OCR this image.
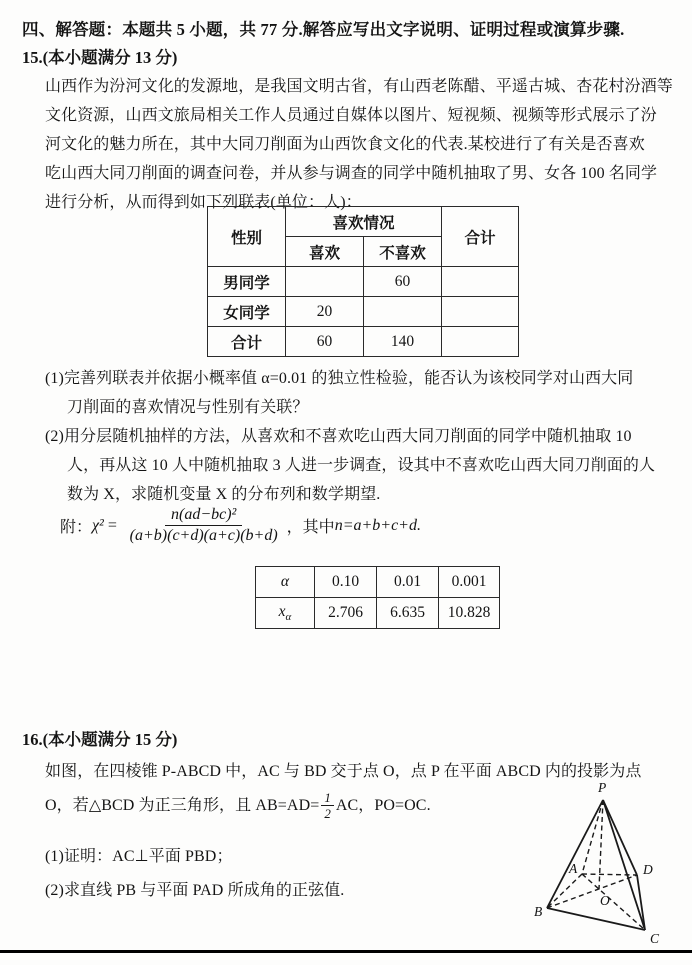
四、解答题：本题共 5 小题，共 77 分.解答应写出文字说明、证明过程或演算步骤.
15.(本小题满分 13 分)
山西作为汾河文化的发源地，是我国文明古省，有山西老陈醋、平遥古城、杏花村汾酒等
文化资源，山西文旅局相关工作人员通过自媒体以图片、短视频、视频等形式展示了汾
河文化的魅力所在，其中大同刀削面为山西饮食文化的代表.某校进行了有关是否喜欢
吃山西大同刀削面的调查问卷，并从参与调查的同学中随机抽取了男、女各 100 名同学
进行分析，从而得到如下列联表(单位：人)：
性别	喜欢情况		合计
	喜欢	不喜欢	
男同学		60	
女同学	20		
合计	60	140	
(1)完善列联表并依据小概率值 α=0.01 的独立性检验，能否认为该校同学对山西大同
刀削面的喜欢情况与性别有关联？
(2)用分层随机抽样的方法，从喜欢和不喜欢吃山西大同刀削面的同学中随机抽取 10
人，再从这 10 人中随机抽取 3 人进一步调查，设其中不喜欢吃山西大同刀削面的人
数为 X，求随机变量 X 的分布列和数学期望.
附： $\chi^2 = \frac{\text{n(ad−bc)²}}{(a+b)(c+d)(a+c)(b+d)}$ ，其中 n=a+b+c+d.
α	0.10	0.01	0.001
$x_\alpha$	2.706	6.635	10.828
16.(本小题满分 15 分)
如图，在四棱锥 P-ABCD 中，AC 与 BD 交于点 O，点 P 在平面 ABCD 内的投影为点
O，若△BCD 为正三角形，且 $AB=AD= \frac{1}{2}$ AC，PO=OC.
(1)证明：AC⊥平面 PBD；
(2)求直线 PB 与平面 PAD 所成角的正弦值.
P
A	D
O
B
C
